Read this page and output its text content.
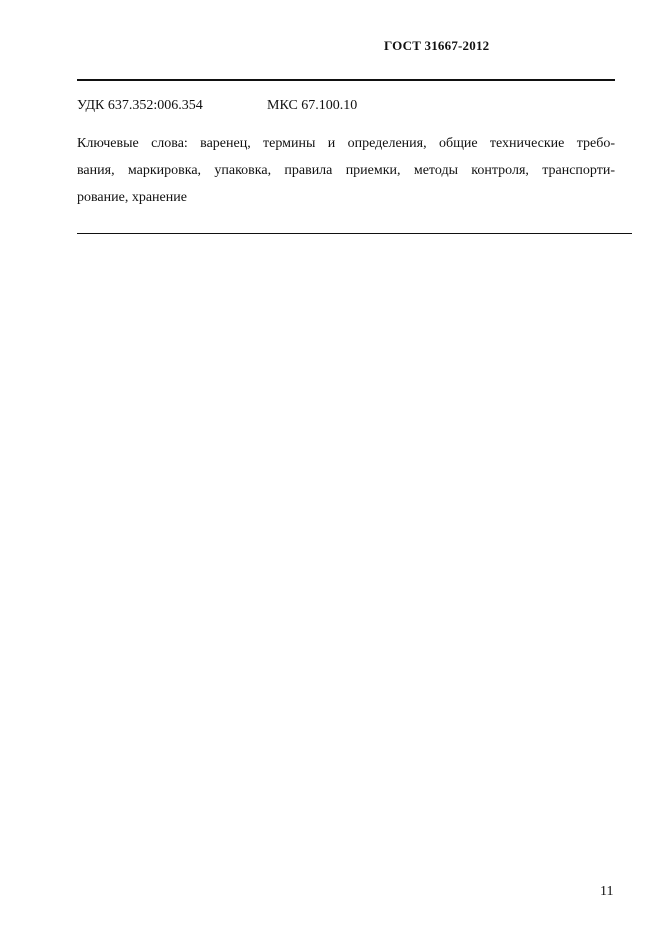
ГОСТ 31667-2012
УДК 637.352:006.354	МКС 67.100.10
Ключевые слова: варенец, термины и определения, общие технические требо-
вания, маркировка, упаковка, правила приемки, методы контроля, транспорти-
рование, хранение
11
